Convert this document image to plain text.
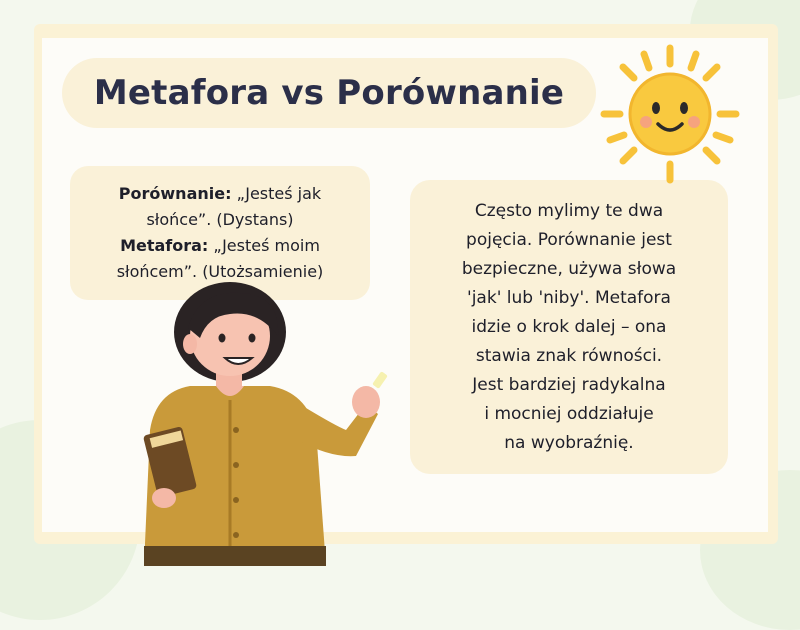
Metafora vs Porównanie
Porównanie: „Jesteś jak
słońce”. (Dystans)
Metafora: „Jesteś moim
słońcem”. (Utożsamienie)
Często mylimy te dwa
pojęcia. Porównanie jest
bezpieczne, używa słowa
'jak' lub 'niby'. Metafora
idzie o krok dalej – ona
stawia znak równości.
Jest bardziej radykalna
i mocniej oddziałuje
na wyobraźnię.
